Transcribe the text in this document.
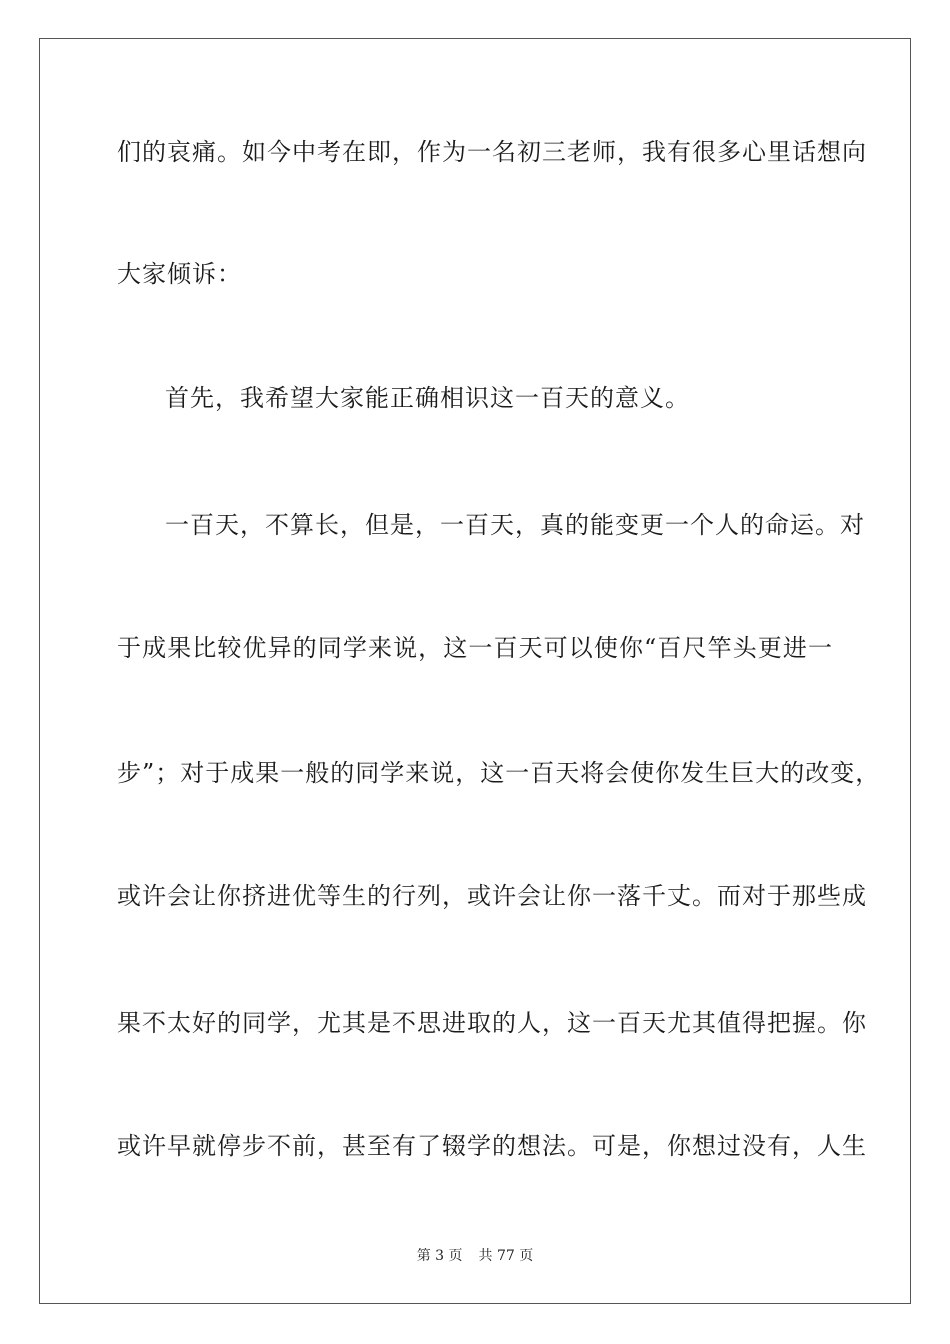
们的哀痛。如今中考在即，作为一名初三老师，我有很多心里话想向
大家倾诉：
首先，我希望大家能正确相识这一百天的意义。
一百天，不算长，但是，一百天，真的能变更一个人的命运。对
于成果比较优异的同学来说，这一百天可以使你“百尺竿头更进一
步”；对于成果一般的同学来说，这一百天将会使你发生巨大的改变，
或许会让你挤进优等生的行列，或许会让你一落千丈。而对于那些成
果不太好的同学，尤其是不思进取的人，这一百天尤其值得把握。你
或许早就停步不前，甚至有了辍学的想法。可是，你想过没有，人生
第 3 页 共 77 页
